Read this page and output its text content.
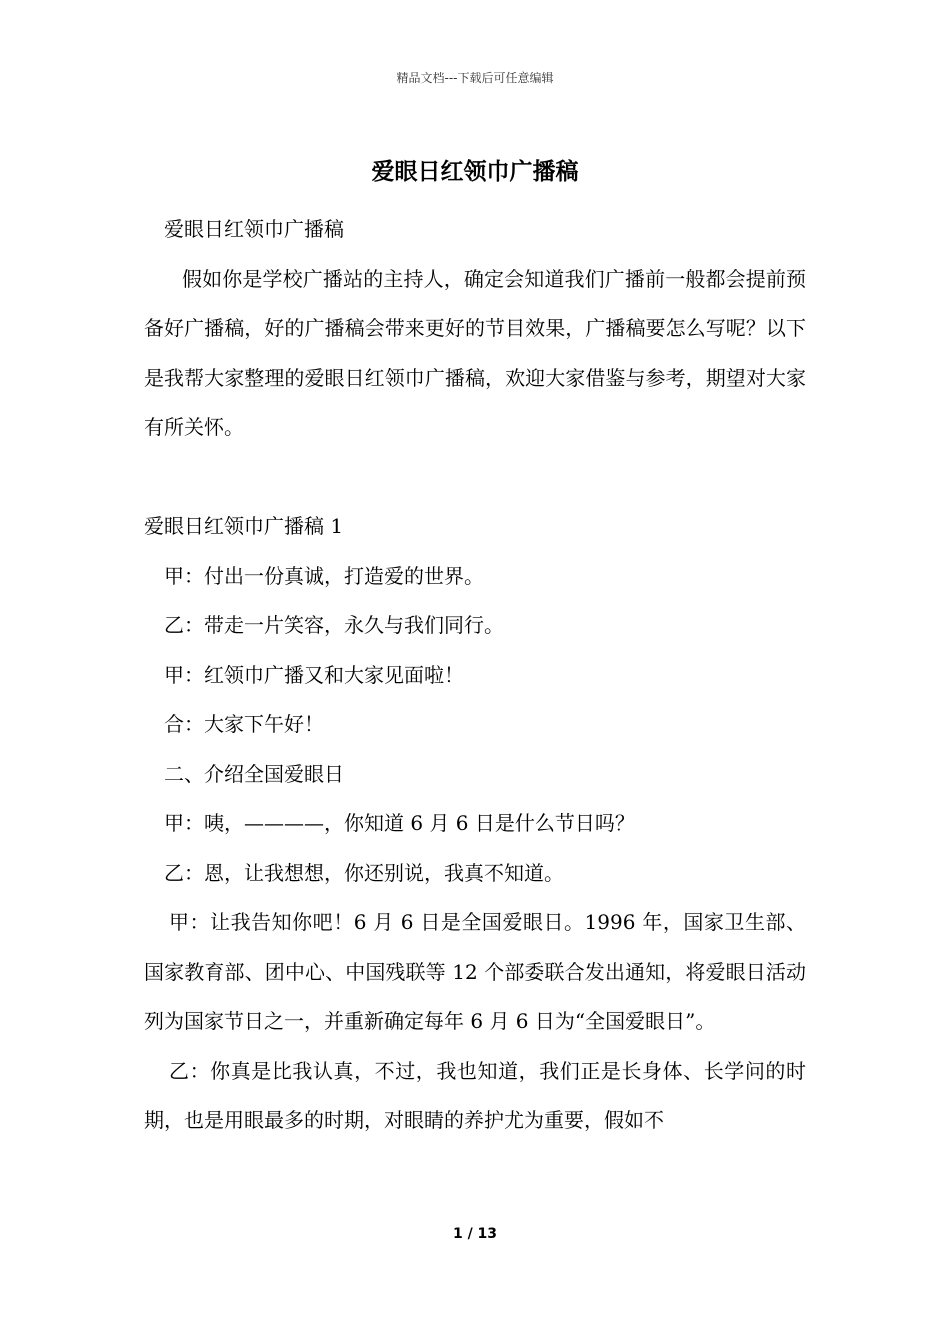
精品文档---下载后可任意编辑
爱眼日红领巾广播稿

爱眼日红领巾广播稿

假如你是学校广播站的主持人，确定会知道我们广播前一般都会提前预备好广播稿，好的广播稿会带来更好的节目效果，广播稿要怎么写呢？以下是我帮大家整理的爱眼日红领巾广播稿，欢迎大家借鉴与参考，期望对大家有所关怀。

爱眼日红领巾广播稿 1

甲：付出一份真诚，打造爱的世界。

乙：带走一片笑容，永久与我们同行。

甲：红领巾广播又和大家见面啦！

合：大家下午好！

二、介绍全国爱眼日

甲：咦，————，你知道 6 月 6 日是什么节日吗？

乙：恩，让我想想，你还别说，我真不知道。

甲：让我告知你吧！6 月 6 日是全国爱眼日。1996 年，国家卫生部、国家教育部、团中心、中国残联等 12 个部委联合发出通知，将爱眼日活动列为国家节日之一，并重新确定每年 6 月 6 日为“全国爱眼日”。

乙：你真是比我认真，不过，我也知道，我们正是长身体、长学问的时期，也是用眼最多的时期，对眼睛的养护尤为重要，假如不

1 / 13
